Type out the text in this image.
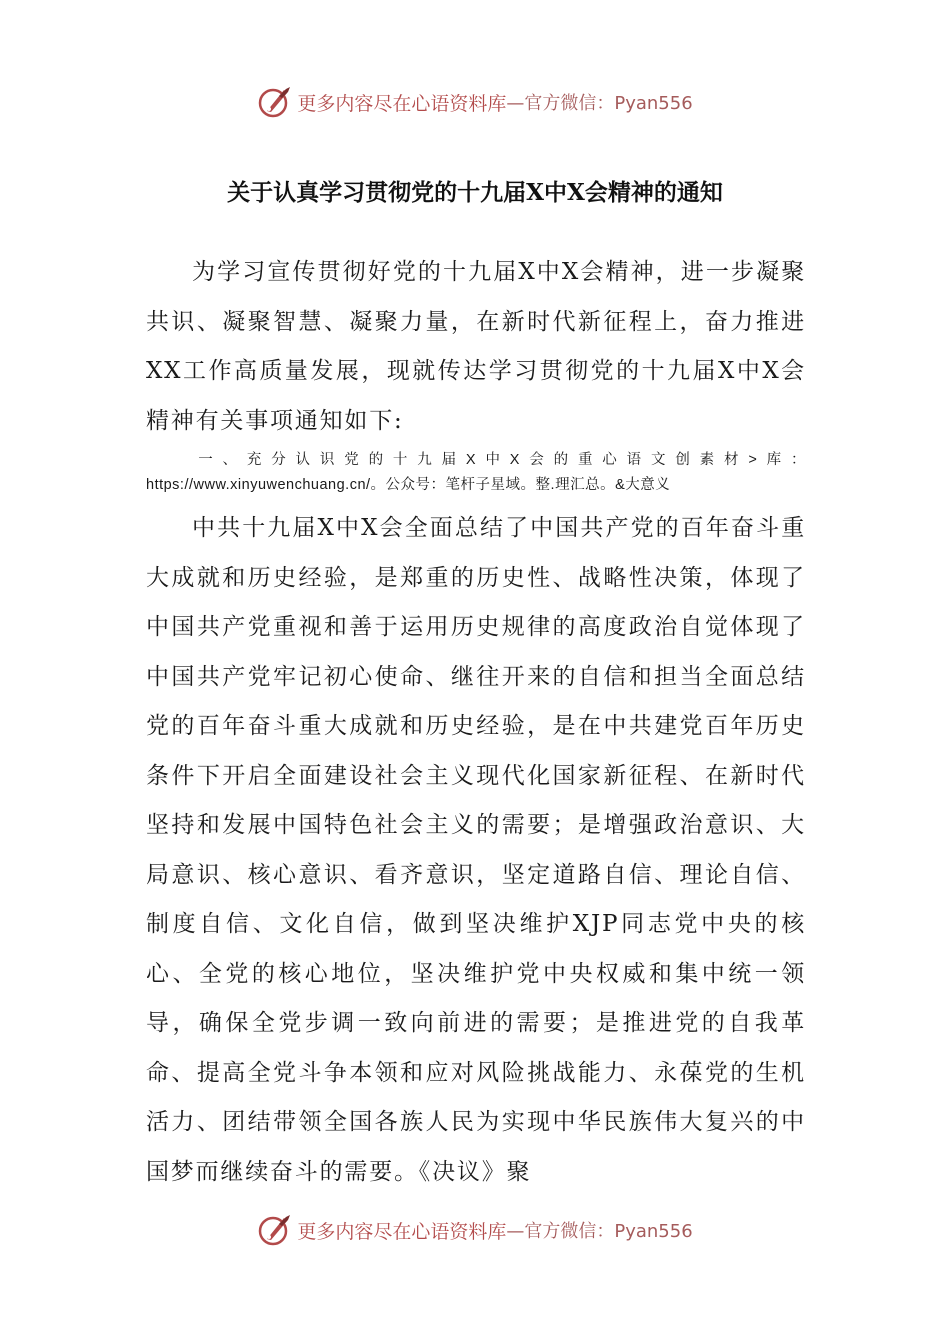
更多内容尽在心语资料库 —官方微信：Pyan556
关于认真学习贯彻党的十九届X中X会精神的通知

为学习宣传贯彻好党的十九届X中X会精神，进一步凝聚共识、凝聚智慧、凝聚力量，在新时代新征程上，奋力推进XX工作高质量发展，现就传达学习贯彻党的十九届X中X会精神有关事项通知如下:

一、充分认识党的十九届X中X会的重心语文创素材>库：https://www.xinyuwenchuang.cn/。公众号：笔杆子星域。整.理汇总。&大意义

中共十九届X中X会全面总结了中国共产党的百年奋斗重大成就和历史经验，是郑重的历史性、战略性决策，体现了中国共产党重视和善于运用历史规律的高度政治自觉体现了中国共产党牢记初心使命、继往开来的自信和担当全面总结党的百年奋斗重大成就和历史经验，是在中共建党百年历史条件下开启全面建设社会主义现代化国家新征程、在新时代坚持和发展中国特色社会主义的需要；是增强政治意识、大局意识、核心意识、看齐意识，坚定道路自信、理论自信、制度自信、文化自信，做到坚决维护XJP同志党中央的核心、全党的核心地位，坚决维护党中央权威和集中统一领导，确保全党步调一致向前进的需要；是推进党的自我革命、提高全党斗争本领和应对风险挑战能力、永葆党的生机活力、团结带领全国各族人民为实现中华民族伟大复兴的中国梦而继续奋斗的需要。《决议》聚

更多内容尽在心语资料库 —官方微信：Pyan556
